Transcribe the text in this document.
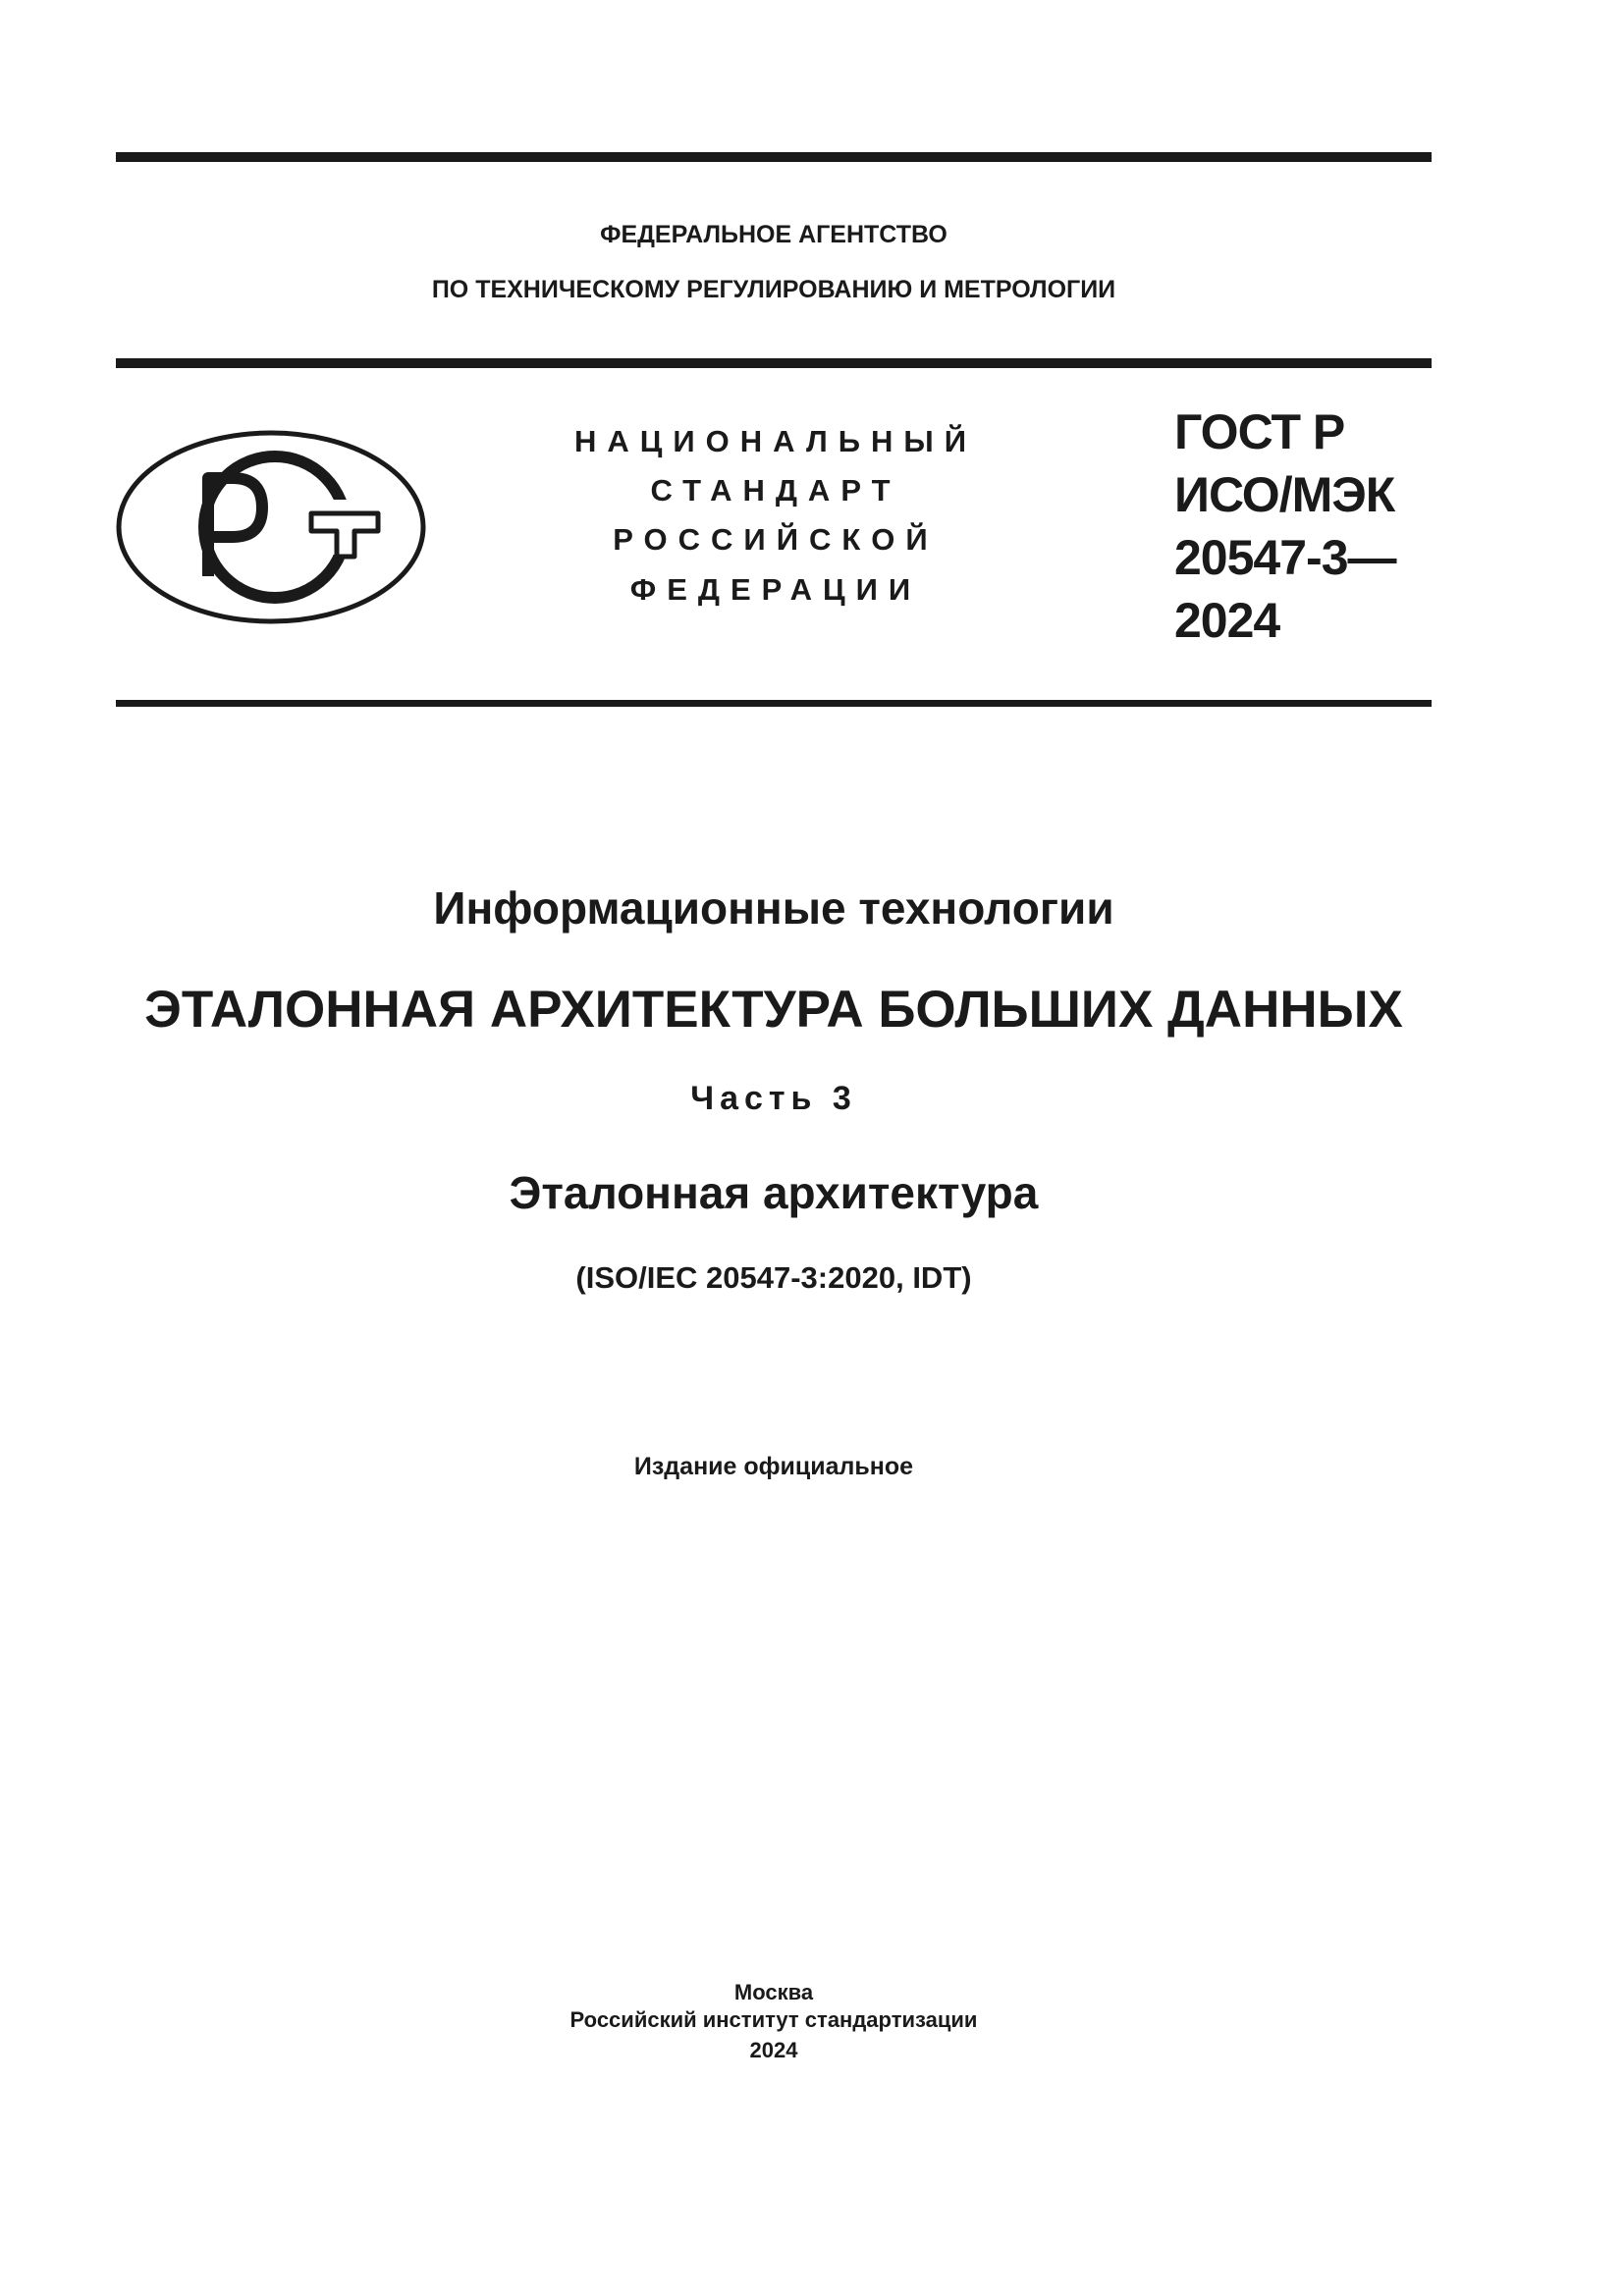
ФЕДЕРАЛЬНОЕ АГЕНТСТВО
ПО ТЕХНИЧЕСКОМУ РЕГУЛИРОВАНИЮ И МЕТРОЛОГИИ
НАЦИОНАЛЬНЫЙ
СТАНДАРТ
РОССИЙСКОЙ
ФЕДЕРАЦИИ
ГОСТ Р
ИСО/МЭК
20547-3—
2024
Информационные технологии
ЭТАЛОННАЯ АРХИТЕКТУРА БОЛЬШИХ ДАННЫХ
Часть 3
Эталонная архитектура
(ISO/IEC 20547-3:2020, IDT)
Издание официальное
Москва
Российский институт стандартизации
2024
